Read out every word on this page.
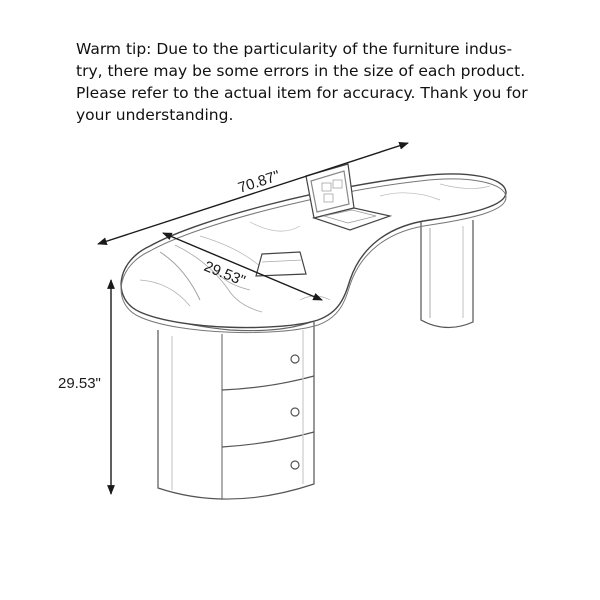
Warm tip: Due to the particularity of the furniture indus-
try, there may be some errors in the size of each product.
Please refer to the actual item for accuracy. Thank you for
your understanding.
70.87"
29.53"
29.53"
